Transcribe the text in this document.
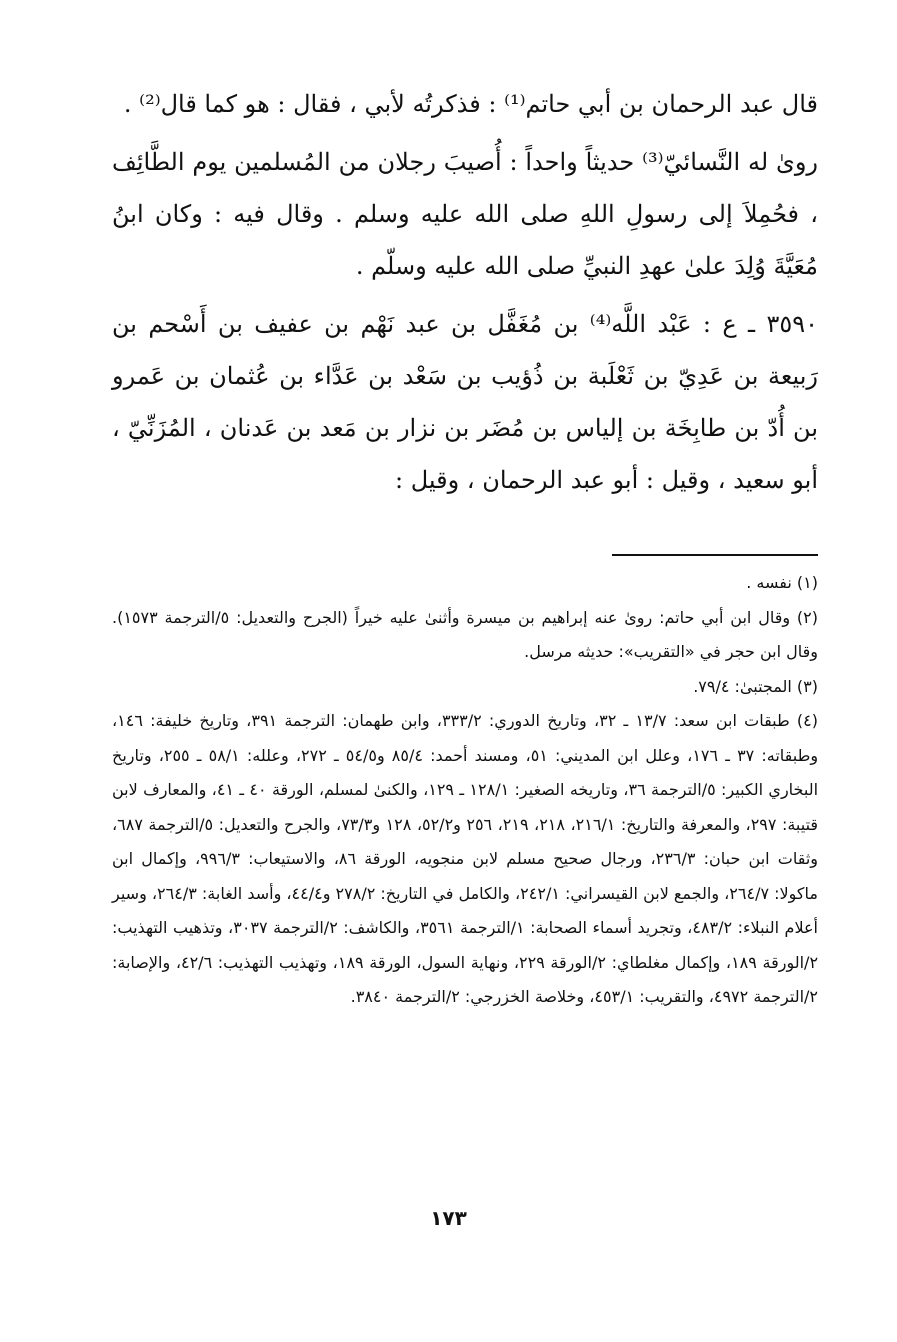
قال عبد الرحمان بن أبي حاتم⁽¹⁾ : فذكرتُه لأبي ، فقال : هو كما قال⁽²⁾ .

روىٰ له النَّسائيّ⁽³⁾ حديثاً واحداً : أُصيبَ رجلان من المُسلمين يوم الطَّائِف ، فحُمِلاَ إلى رسولِ اللهِ صلى الله عليه وسلم . وقال فيه : وكان ابنُ مُعَيَّةَ وُلِدَ علىٰ عهدِ النبيِّ صلى الله عليه وسلّم .

٣٥٩٠ ـ ع : عَبْد اللَّه⁽⁴⁾ بن مُغَفَّل بن عبد نَهْم بن عفيف بن أَسْحم بن رَبيعة بن عَدِيّ بن ثَعْلَبة بن ذُؤيب بن سَعْد بن عَدَّاء بن عُثمان بن عَمرو بن أُدّ بن طابِخَة بن إلياس بن مُضَر بن نزار بن مَعد بن عَدنان ، المُزَنِّيّ ، أبو سعيد ، وقيل : أبو عبد الرحمان ، وقيل :

(١) نفسه .

(٢) وقال ابن أبي حاتم: روىٰ عنه إبراهيم بن ميسرة وأثنىٰ عليه خيراً (الجرح والتعديل: ٥/الترجمة ١٥٧٣). وقال ابن حجر في «التقريب»: حديثه مرسل.

(٣) المجتبىٰ: ٧٩/٤.

(٤) طبقات ابن سعد: ١٣/٧ ـ ٣٢، وتاريخ الدوري: ٣٣٣/٢، وابن طهمان: الترجمة ٣٩١، وتاريخ خليفة: ١٤٦، وطبقاته: ٣٧ ـ ١٧٦، وعلل ابن المديني: ٥١، ومسند أحمد: ٨٥/٤ و٥٤/٥ ـ ٢٧٢، وعلله: ٥٨/١ ـ ٢٥٥، وتاريخ البخاري الكبير: ٥/الترجمة ٣٦، وتاريخه الصغير: ١٢٨/١ ـ ١٢٩، والكنىٰ لمسلم، الورقة ٤٠ ـ ٤١، والمعارف لابن قتيبة: ٢٩٧، والمعرفة والتاريخ: ٢١٦/١، ٢١٨، ٢١٩، ٢٥٦ و٥٢/٢، ١٢٨ و٧٣/٣، والجرح والتعديل: ٥/الترجمة ٦٨٧، وثقات ابن حبان: ٢٣٦/٣، ورجال صحيح مسلم لابن منجويه، الورقة ٨٦، والاستيعاب: ٩٩٦/٣، وإكمال ابن ماكولا: ٢٦٤/٧، والجمع لابن القيسراني: ٢٤٢/١، والكامل في التاريخ: ٢٧٨/٢ و٤٤/٤، وأسد الغابة: ٢٦٤/٣، وسير أعلام النبلاء: ٤٨٣/٢، وتجريد أسماء الصحابة: ١/الترجمة ٣٥٦١، والكاشف: ٢/الترجمة ٣٠٣٧، وتذهيب التهذيب: ٢/الورقة ١٨٩، وإكمال مغلطاي: ٢/الورقة ٢٢٩، ونهاية السول، الورقة ١٨٩، وتهذيب التهذيب: ٤٢/٦، والإصابة: ٢/الترجمة ٤٩٧٢، والتقريب: ٤٥٣/١، وخلاصة الخزرجي: ٢/الترجمة ٣٨٤٠.

١٧٣
